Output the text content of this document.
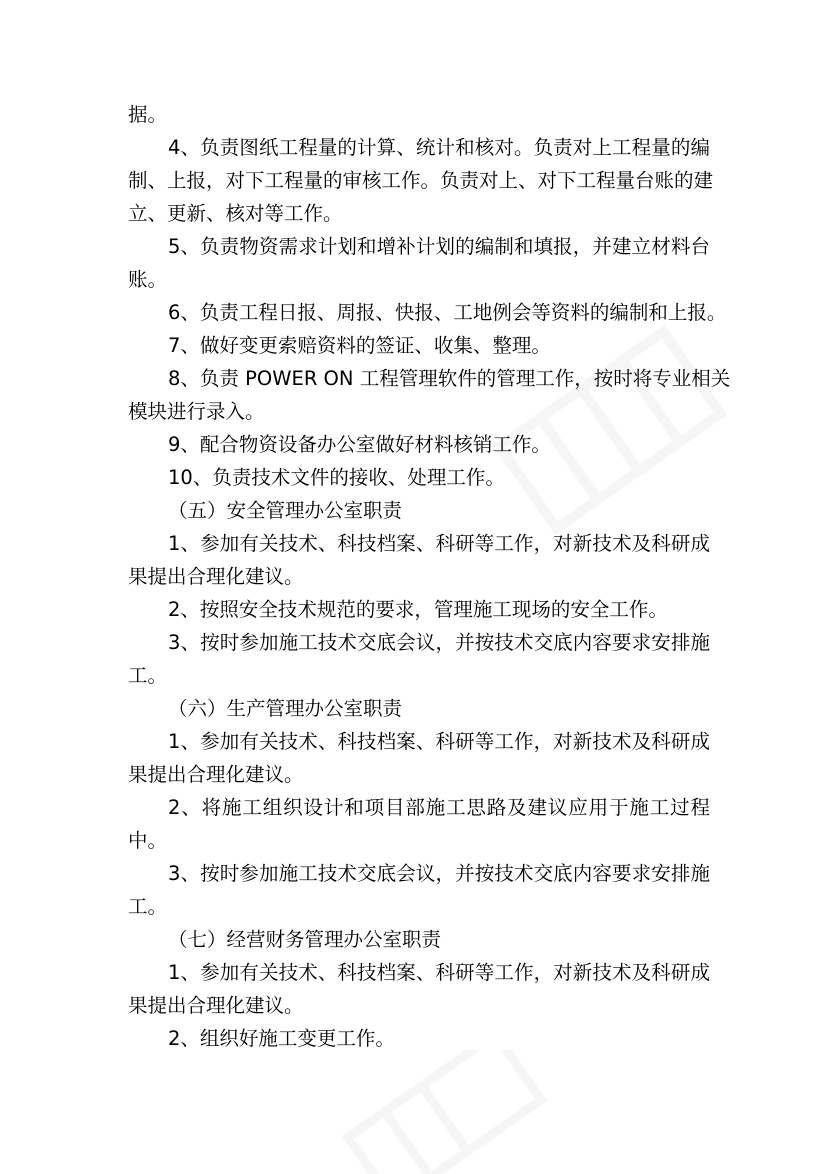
据。
4、负责图纸工程量的计算、统计和核对。负责对上工程量的编
制、上报，对下工程量的审核工作。负责对上、对下工程量台账的建
立、更新、核对等工作。
5、负责物资需求计划和增补计划的编制和填报，并建立材料台
账。
6、负责工程日报、周报、快报、工地例会等资料的编制和上报。
7、做好变更索赔资料的签证、收集、整理。
8、负责 POWER ON 工程管理软件的管理工作，按时将专业相关
模块进行录入。
9、配合物资设备办公室做好材料核销工作。
10、负责技术文件的接收、处理工作。
（五）安全管理办公室职责
1、参加有关技术、科技档案、科研等工作，对新技术及科研成
果提出合理化建议。
2、按照安全技术规范的要求，管理施工现场的安全工作。
3、按时参加施工技术交底会议，并按技术交底内容要求安排施
工。
（六）生产管理办公室职责
1、参加有关技术、科技档案、科研等工作，对新技术及科研成
果提出合理化建议。
2、将施工组织设计和项目部施工思路及建议应用于施工过程
中。
3、按时参加施工技术交底会议，并按技术交底内容要求安排施
工。
（七）经营财务管理办公室职责
1、参加有关技术、科技档案、科研等工作，对新技术及科研成
果提出合理化建议。
2、组织好施工变更工作。
